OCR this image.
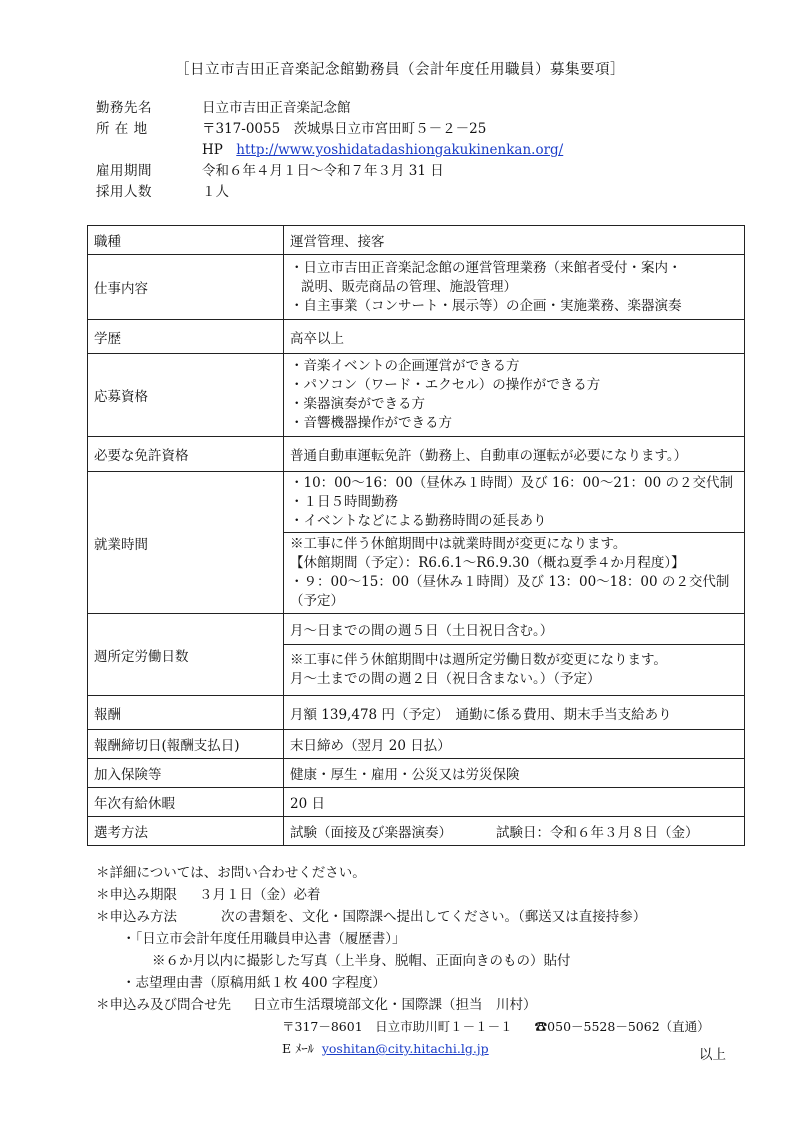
［日立市吉田正音楽記念館勤務員（会計年度任用職員）募集要項］
勤務先名	日立市吉田正音楽記念館
所 在 地	〒317-0055　茨城県日立市宮田町５－２－25
HP http://www.yoshidatadashiongakukinenkan.org/
雇用期間	令和６年４月１日～令和７年３月 31 日
採用人数	１人
職種	運営管理、接客
仕事内容	・日立市吉田正音楽記念館の運営管理業務（来館者受付・案内・
説明、販売商品の管理、施設管理）
・自主事業（コンサート・展示等）の企画・実施業務、楽器演奏

学歴	高卒以上
応募資格	・音楽イベントの企画運営ができる方
・パソコン（ワード・エクセル）の操作ができる方
・楽器演奏ができる方
・音響機器操作ができる方

必要な免許資格	普通自動車運転免許（勤務上、自動車の運転が必要になります。）
就業時間	・10：00～16：00（昼休み１時間）及び 16：00～21：00 の２交代制
・１日５時間勤務
・イベントなどによる勤務時間の延長あり

	※工事に伴う休館期間中は就業時間が変更になります。
【休館期間（予定）：R6.6.1～R6.9.30（概ね夏季４か月程度）】
・９：00～15：00（昼休み１時間）及び 13：00～18：00 の２交代制
（予定）

週所定労働日数	月～日までの間の週５日（土日祝日含む。）

	※工事に伴う休館期間中は週所定労働日数が変更になります。
月～土までの間の週２日（祝日含まない。）（予定）

報酬	月額 139,478 円（予定）　通勤に係る費用、期末手当支給あり
報酬締切日(報酬支払日)	末日締め（翌月 20 日払）
加入保険等	健康・厚生・雇用・公災又は労災保険
年次有給休暇	20 日
選考方法	試験（面接及び楽器演奏） 試験日：令和６年３月８日（金）
＊詳細については、お問い合わせください。
＊申込み期限 ３月１日（金）必着
＊申込み方法	次の書類を、文化・国際課へ提出してください。（郵送又は直接持参）
・「日立市会計年度任用職員申込書（履歴書）」
※６か月以内に撮影した写真（上半身、脱帽、正面向きのもの）貼付
・志望理由書（原稿用紙１枚 400 字程度）
＊申込み及び問合せ先 日立市生活環境部文化・国際課（担当　川村）
〒317－8601　日立市助川町１－１－１ ☎050－5528－5062（直通）
E ﾒｰﾙ yoshitan@city.hitachi.lg.jp	以上
